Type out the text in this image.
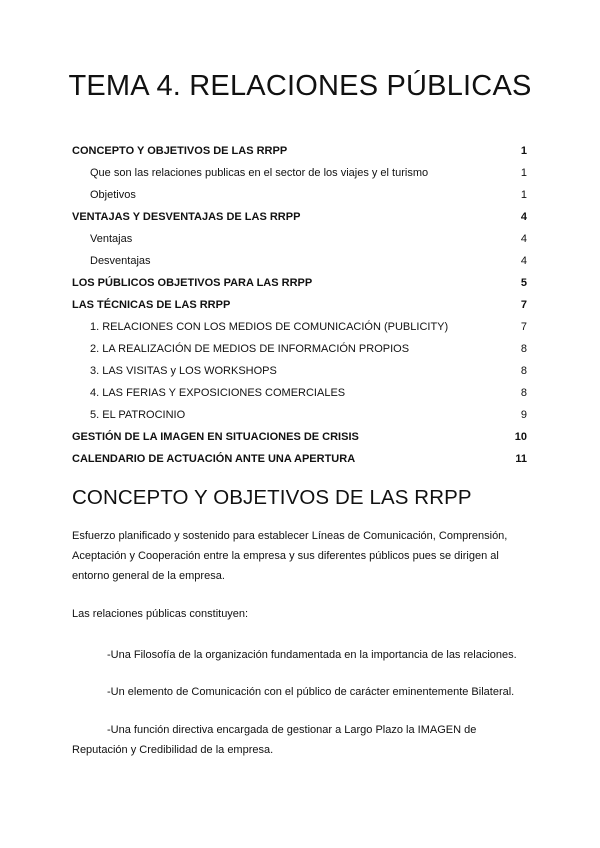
TEMA 4. RELACIONES PÚBLICAS
CONCEPTO Y OBJETIVOS DE LAS RRPP	1
Que son las relaciones publicas en el sector de los viajes y el turismo	1
Objetivos	1
VENTAJAS Y DESVENTAJAS DE LAS RRPP	4
Ventajas	4
Desventajas	4
LOS PÚBLICOS OBJETIVOS PARA LAS RRPP	5
LAS TÉCNICAS DE LAS RRPP	7
1. RELACIONES CON LOS MEDIOS DE COMUNICACIÓN (PUBLICITY)	7
2. LA REALIZACIÓN DE MEDIOS DE INFORMACIÓN PROPIOS	8
3. LAS VISITAS y LOS WORKSHOPS	8
4. LAS FERIAS Y EXPOSICIONES COMERCIALES	8
5. EL PATROCINIO	9
GESTIÓN DE LA IMAGEN EN SITUACIONES DE CRISIS	10
CALENDARIO DE ACTUACIÓN ANTE UNA APERTURA	11
CONCEPTO Y OBJETIVOS DE LAS RRPP

Esfuerzo planificado y sostenido para establecer Líneas de Comunicación, Comprensión, Aceptación y Cooperación entre la empresa y sus diferentes públicos pues se dirigen al entorno general de la empresa.

Las relaciones públicas constituyen:

-Una Filosofía de la organización fundamentada en la importancia de las relaciones.

-Un elemento de Comunicación con el público de carácter eminentemente Bilateral.

-Una función directiva encargada de gestionar a Largo Plazo la IMAGEN de Reputación y Credibilidad de la empresa.
